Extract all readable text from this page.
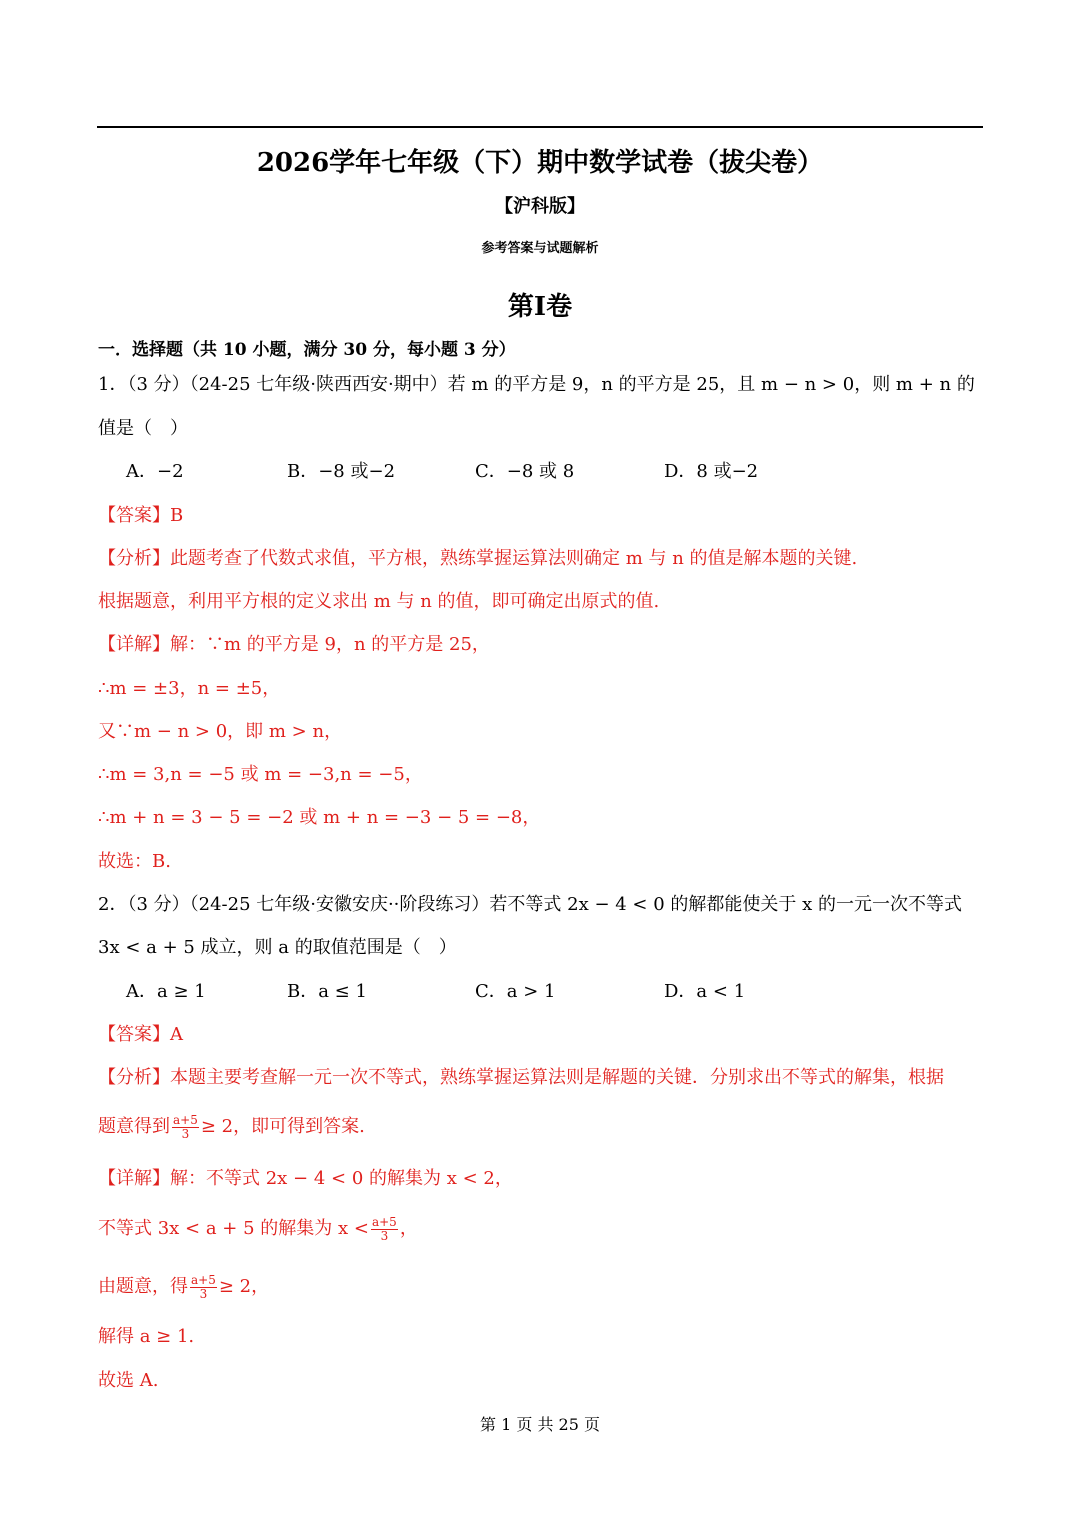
2026学年七年级（下）期中数学试卷（拔尖卷）
【沪科版】
参考答案与试题解析
第Ⅰ卷
一．选择题（共 10 小题，满分 30 分，每小题 3 分）
1．（3 分）（24-25 七年级·陕西西安·期中）若 m 的平方是 9，n 的平方是 25，且 m − n > 0，则 m + n 的
值是（　）
A．−2	B．−8 或−2	C．−8 或 8	D．8 或−2
【答案】B
【分析】此题考查了代数式求值，平方根，熟练掌握运算法则确定 m 与 n 的值是解本题的关键.
根据题意，利用平方根的定义求出 m 与 n 的值，即可确定出原式的值.
【详解】解：∵m 的平方是 9，n 的平方是 25，
∴m = ±3，n = ±5，
又∵m − n > 0，即 m > n，
∴m = 3,n = −5 或 m = −3,n = −5，
∴m + n = 3 − 5 = −2 或 m + n = −3 − 5 = −8，
故选：B.
2．（3 分）（24-25 七年级·安徽安庆··阶段练习）若不等式 2x − 4 < 0 的解都能使关于 x 的一元一次不等式
3x < a + 5 成立，则 a 的取值范围是（　）
A．a ≥ 1	B．a ≤ 1	C．a > 1	D．a < 1
【答案】A
【分析】本题主要考查解一元一次不等式，熟练掌握运算法则是解题的关键．分别求出不等式的解集，根据
题意得到 $\frac{a+5}{3} \ge 2$，即可得到答案.
【详解】解：不等式 2x − 4 < 0 的解集为 x < 2，
不等式 3x < a + 5 的解集为 $x < \frac{a+5}{3}$ ，
由题意，得 $\frac{a+5}{3} \ge 2$，
解得 a ≥ 1.
故选 A.
第 1 页 共 25 页
